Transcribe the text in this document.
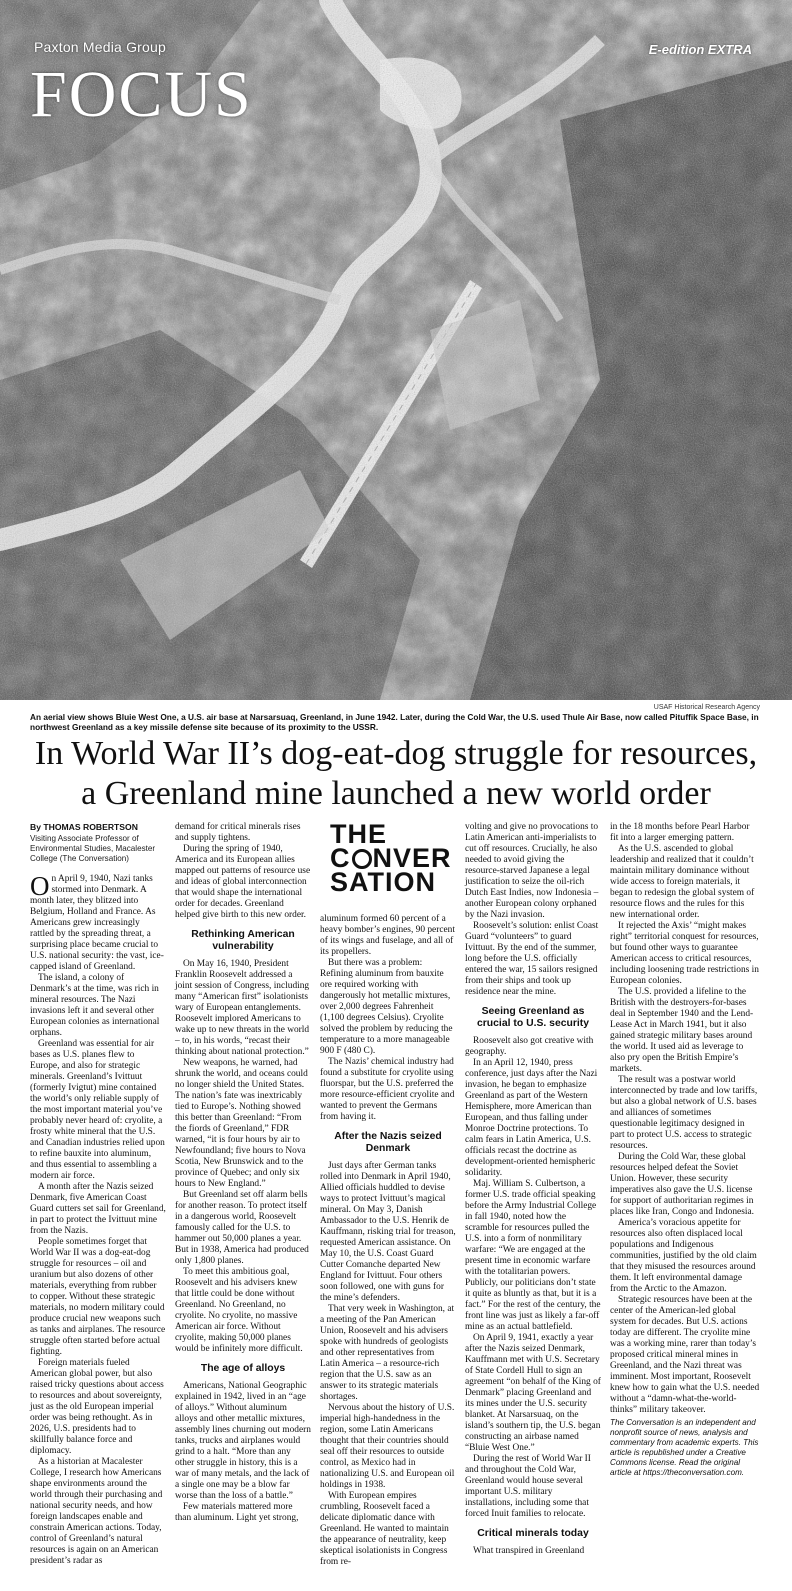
Paxton Media Group
FOCUS
E-edition EXTRA
USAF Historical Research Agency
An aerial view shows Bluie West One, a U.S. air base at Narsarsuaq, Greenland, in June 1942. Later, during the Cold War, the U.S. used Thule Air Base, now called Pituffik Space Base, in northwest Greenland as a key missile defense site because of its proximity to the USSR.
In World War II’s dog-eat-dog struggle for resources,
a Greenland mine launched a new world order
By THOMAS ROBERTSON
Visiting Associate Professor of Environmental Studies, Macalester College (The Conversation)

On April 9, 1940, Nazi tanks stormed into Denmark. A month later, they blitzed into Belgium, Holland and France. As Americans grew increasingly rattled by the spreading threat, a surprising place became crucial to U.S. national security: the vast, ice-capped island of Greenland.

The island, a colony of Denmark’s at the time, was rich in mineral resources. The Nazi invasions left it and several other European colonies as international orphans.

Greenland was essential for air bases as U.S. planes flew to Europe, and also for strategic minerals. Greenland’s Ivittuut (formerly Ivigtut) mine contained the world’s only reliable supply of the most important material you’ve probably never heard of: cryolite, a frosty white mineral that the U.S. and Canadian industries relied upon to refine bauxite into aluminum, and thus essential to assembling a modern air force.

A month after the Nazis seized Denmark, five American Coast Guard cutters set sail for Greenland, in part to protect the Ivittuut mine from the Nazis.

People sometimes forget that World War II was a dog-eat-dog struggle for resources – oil and uranium but also dozens of other materials, everything from rubber to copper. Without these strategic materials, no modern military could produce crucial new weapons such as tanks and airplanes. The resource struggle often started before actual fighting.

Foreign materials fueled American global power, but also raised tricky questions about access to resources and about sovereignty, just as the old European imperial order was being rethought. As in 2026, U.S. presidents had to skillfully balance force and diplomacy.

As a historian at Macalester College, I research how Americans shape environments around the world through their purchasing and national security needs, and how foreign landscapes enable and constrain American actions. Today, control of Greenland’s natural resources is again on an American president’s radar as

demand for critical minerals rises and supply tightens.

During the spring of 1940, America and its European allies mapped out patterns of resource use and ideas of global interconnection that would shape the international order for decades. Greenland helped give birth to this new order.

Rethinking American vulnerability

On May 16, 1940, President Franklin Roosevelt addressed a joint session of Congress, including many “American first” isolationists wary of European entanglements. Roosevelt implored Americans to wake up to new threats in the world – to, in his words, “recast their thinking about national protection.”

New weapons, he warned, had shrunk the world, and oceans could no longer shield the United States. The nation’s fate was inextricably tied to Europe’s. Nothing showed this better than Greenland: “From the fiords of Greenland,” FDR warned, “it is four hours by air to Newfoundland; five hours to Nova Scotia, New Brunswick and to the province of Quebec; and only six hours to New England.”

But Greenland set off alarm bells for another reason. To protect itself in a dangerous world, Roosevelt famously called for the U.S. to hammer out 50,000 planes a year. But in 1938, America had produced only 1,800 planes.

To meet this ambitious goal, Roosevelt and his advisers knew that little could be done without Greenland. No Greenland, no cryolite. No cryolite, no massive American air force. Without cryolite, making 50,000 planes would be infinitely more difficult.

The age of alloys

Americans, National Geographic explained in 1942, lived in an “age of alloys.” Without aluminum alloys and other metallic mixtures, assembly lines churning out modern tanks, trucks and airplanes would grind to a halt. “More than any other struggle in history, this is a war of many metals, and the lack of a single one may be a blow far worse than the loss of a battle.”

Few materials mattered more than aluminum. Light yet strong,

THE
C NVER
SATION

aluminum formed 60 percent of a heavy bomber’s engines, 90 percent of its wings and fuselage, and all of its propellers.

But there was a problem: Refining aluminum from bauxite ore required working with dangerously hot metallic mixtures, over 2,000 degrees Fahrenheit (1,100 degrees Celsius). Cryolite solved the problem by reducing the temperature to a more manageable 900 F (480 C).

The Nazis’ chemical industry had found a substitute for cryolite using fluorspar, but the U.S. preferred the more resource-efficient cryolite and wanted to prevent the Germans from having it.

After the Nazis seized Denmark

Just days after German tanks rolled into Denmark in April 1940, Allied officials huddled to devise ways to protect Ivittuut’s magical mineral. On May 3, Danish Ambassador to the U.S. Henrik de Kauffmann, risking trial for treason, requested American assistance. On May 10, the U.S. Coast Guard Cutter Comanche departed New England for Ivittuut. Four others soon followed, one with guns for the mine’s defenders.

That very week in Washington, at a meeting of the Pan American Union, Roosevelt and his advisers spoke with hundreds of geologists and other representatives from Latin America – a resource-rich region that the U.S. saw as an answer to its strategic materials shortages.

Nervous about the history of U.S. imperial high-handedness in the region, some Latin Americans thought that their countries should seal off their resources to outside control, as Mexico had in nationalizing U.S. and European oil holdings in 1938.

With European empires crumbling, Roosevelt faced a delicate diplomatic dance with Greenland. He wanted to maintain the appearance of neutrality, keep skeptical isolationists in Congress from re-

volting and give no provocations to Latin American anti-imperialists to cut off resources. Crucially, he also needed to avoid giving the resource-starved Japanese a legal justification to seize the oil-rich Dutch East Indies, now Indonesia – another European colony orphaned by the Nazi invasion.

Roosevelt’s solution: enlist Coast Guard “volunteers” to guard Ivittuut. By the end of the summer, long before the U.S. officially entered the war, 15 sailors resigned from their ships and took up residence near the mine.

Seeing Greenland as crucial to U.S. security

Roosevelt also got creative with geography.

In an April 12, 1940, press conference, just days after the Nazi invasion, he began to emphasize Greenland as part of the Western Hemisphere, more American than European, and thus falling under Monroe Doctrine protections. To calm fears in Latin America, U.S. officials recast the doctrine as development-oriented hemispheric solidarity.

Maj. William S. Culbertson, a former U.S. trade official speaking before the Army Industrial College in fall 1940, noted how the scramble for resources pulled the U.S. into a form of nonmilitary warfare: “We are engaged at the present time in economic warfare with the totalitarian powers. Publicly, our politicians don’t state it quite as bluntly as that, but it is a fact.” For the rest of the century, the front line was just as likely a far-off mine as an actual battlefield.

On April 9, 1941, exactly a year after the Nazis seized Denmark, Kauffmann met with U.S. Secretary of State Cordell Hull to sign an agreement “on behalf of the King of Denmark” placing Greenland and its mines under the U.S. security blanket. At Narsarsuaq, on the island’s southern tip, the U.S. began constructing an airbase named “Bluie West One.”

During the rest of World War II and throughout the Cold War, Greenland would house several important U.S. military installations, including some that forced Inuit families to relocate.

Critical minerals today

What transpired in Greenland

in the 18 months before Pearl Harbor fit into a larger emerging pattern.

As the U.S. ascended to global leadership and realized that it couldn’t maintain military dominance without wide access to foreign materials, it began to redesign the global system of resource flows and the rules for this new international order.

It rejected the Axis’ “might makes right” territorial conquest for resources, but found other ways to guarantee American access to critical resources, including loosening trade restrictions in European colonies.

The U.S. provided a lifeline to the British with the destroyers-for-bases deal in September 1940 and the Lend-Lease Act in March 1941, but it also gained strategic military bases around the world. It used aid as leverage to also pry open the British Empire’s markets.

The result was a postwar world interconnected by trade and low tariffs, but also a global network of U.S. bases and alliances of sometimes questionable legitimacy designed in part to protect U.S. access to strategic resources.

During the Cold War, these global resources helped defeat the Soviet Union. However, these security imperatives also gave the U.S. license for support of authoritarian regimes in places like Iran, Congo and Indonesia.

America’s voracious appetite for resources also often displaced local populations and Indigenous communities, justified by the old claim that they misused the resources around them. It left environmental damage from the Arctic to the Amazon.

Strategic resources have been at the center of the American-led global system for decades. But U.S. actions today are different. The cryolite mine was a working mine, rarer than today’s proposed critical mineral mines in Greenland, and the Nazi threat was imminent. Most important, Roosevelt knew how to gain what the U.S. needed without a “damn-what-the-world-thinks” military takeover.

The Conversation is an independent and nonprofit source of news, analysis and commentary from academic experts. This article is republished under a Creative Commons license. Read the original article at https://theconversation.com.
